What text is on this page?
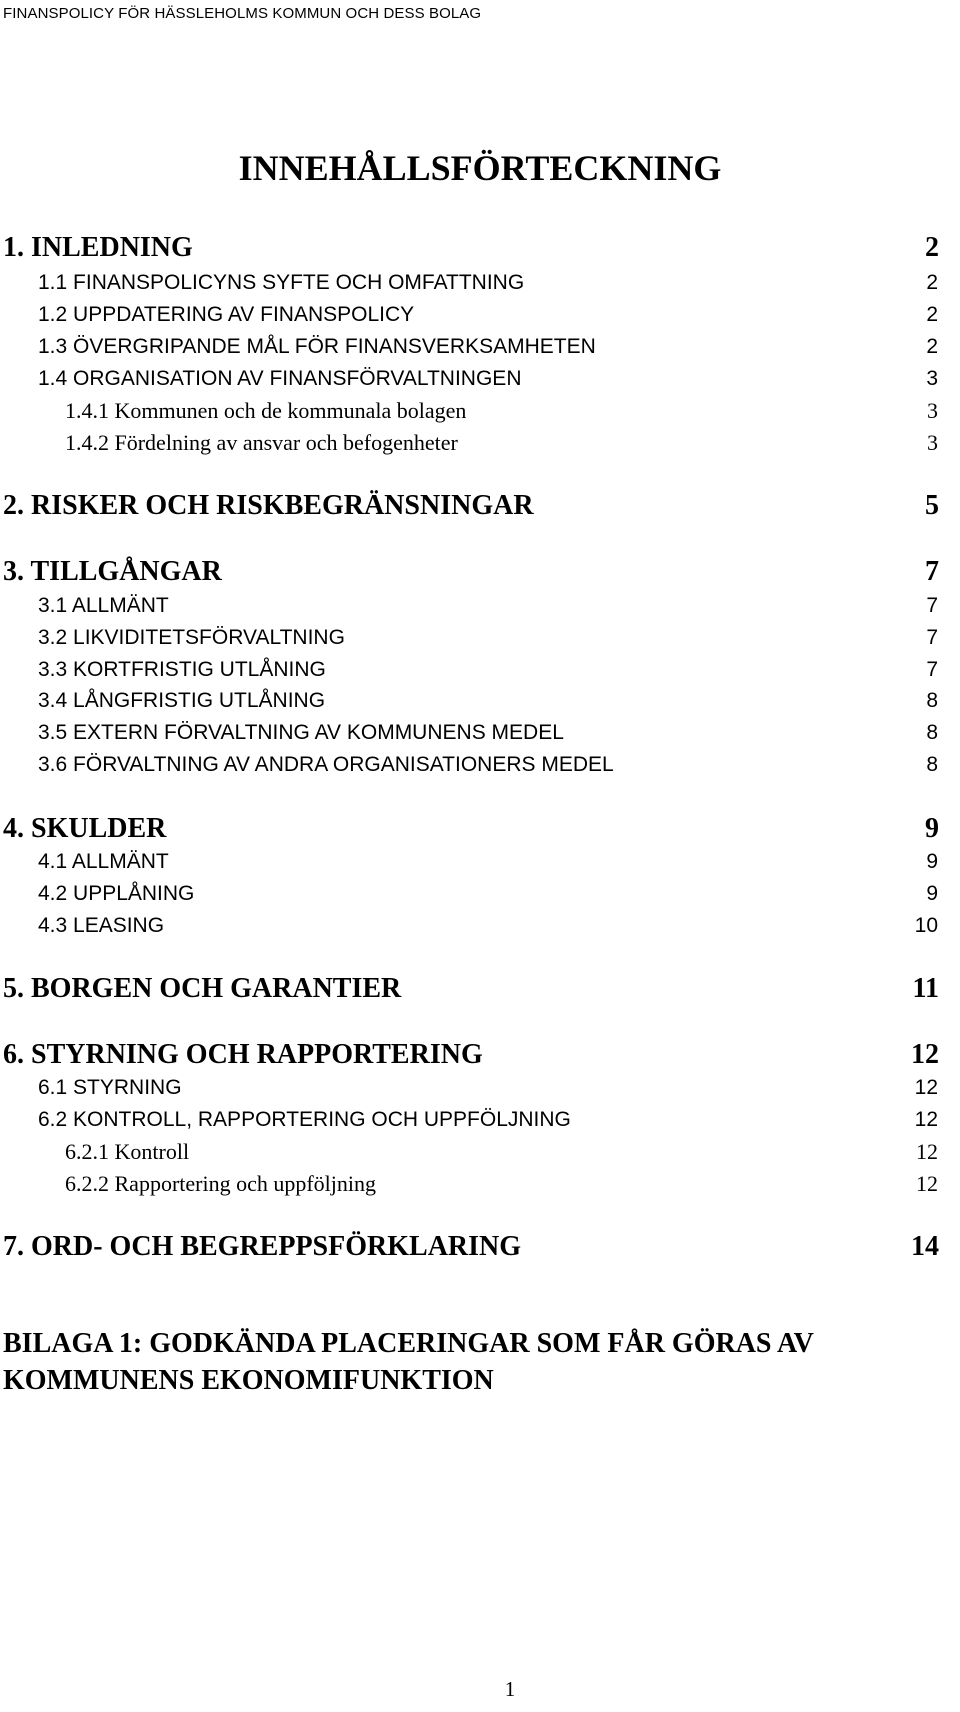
FINANSPOLICY FÖR HÄSSLEHOLMS KOMMUN OCH DESS BOLAG
INNEHÅLLSFÖRTECKNING
1. INLEDNING	2
1.1 FINANSPOLICYNS SYFTE OCH OMFATTNING	2
1.2 UPPDATERING AV FINANSPOLICY	2
1.3 ÖVERGRIPANDE MÅL FÖR FINANSVERKSAMHETEN	2
1.4 ORGANISATION AV FINANSFÖRVALTNINGEN	3
1.4.1 Kommunen och de kommunala bolagen	3
1.4.2 Fördelning av ansvar och befogenheter	3
2. RISKER OCH RISKBEGRÄNSNINGAR	5
3. TILLGÅNGAR	7
3.1 ALLMÄNT	7
3.2 LIKVIDITETSFÖRVALTNING	7
3.3 KORTFRISTIG UTLÅNING	7
3.4 LÅNGFRISTIG UTLÅNING	8
3.5 EXTERN FÖRVALTNING AV KOMMUNENS MEDEL	8
3.6 FÖRVALTNING AV ANDRA ORGANISATIONERS MEDEL	8
4. SKULDER	9
4.1 ALLMÄNT	9
4.2 UPPLÅNING	9
4.3 LEASING	10
5. BORGEN OCH GARANTIER	11
6. STYRNING OCH RAPPORTERING	12
6.1 STYRNING	12
6.2 KONTROLL, RAPPORTERING OCH UPPFÖLJNING	12
6.2.1 Kontroll	12
6.2.2 Rapportering och uppföljning	12
7. ORD- OCH BEGREPPSFÖRKLARING	14
BILAGA 1: GODKÄNDA PLACERINGAR SOM FÅR GÖRAS AV KOMMUNENS EKONOMIFUNKTION
1
